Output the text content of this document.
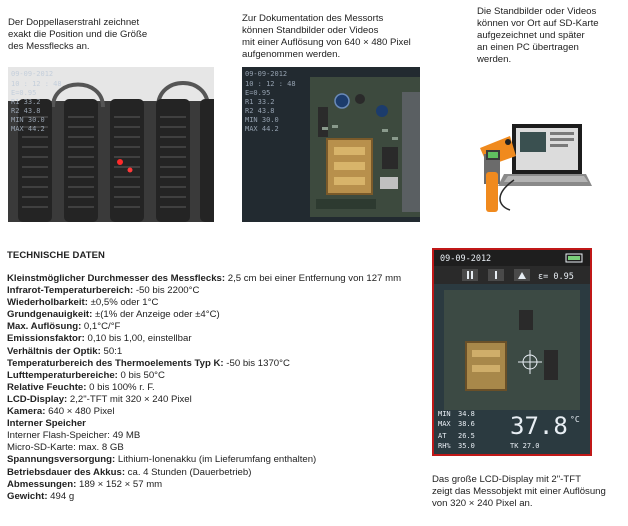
Der Doppellaserstrahl zeichnet
exakt die Position und die Größe
des Messflecks an.
Zur Dokumentation des Messorts
können Standbilder oder Videos
mit einer Auflösung von 640 × 480 Pixel
aufgenommen werden.
Die Standbilder oder Videos
können vor Ort auf SD-Karte
aufgezeichnet und später
an einen PC übertragen
werden.
09-09-2012
10 : 12 : 48
E=0.95
R1 33.2
R2 43.8
MIN 30.0
MAX 44.2
09-09-2012
10 : 12 : 48
E=0.95
R1 33.2
R2 43.8
MIN 30.0
MAX 44.2
TECHNISCHE DATEN
Kleinstmöglicher Durchmesser des Messflecks: 2,5 cm bei einer Entfernung von 127 mm
Infrarot-Temperaturbereich: -50 bis 2200°C
Wiederholbarkeit: ±0,5% oder 1°C
Grundgenauigkeit: ±(1% der Anzeige oder ±4°C)
Max. Auflösung: 0,1°C/°F
Emissionsfaktor: 0,10 bis 1,00, einstellbar
Verhältnis der Optik: 50:1
Temperaturbereich des Thermoelements Typ K: -50 bis 1370°C
Lufttemperaturbereiche: 0 bis 50°C
Relative Feuchte: 0 bis 100% r. F.
LCD-Display: 2,2"-TFT mit 320 × 240 Pixel
Kamera: 640 × 480 Pixel
Interner Speicher
Interner Flash-Speicher: 49 MB
Micro-SD-Karte: max. 8 GB
Spannungsversorgung: Lithium-Ionenakku (im Lieferumfang enthalten)
Betriebsdauer des Akkus: ca. 4 Stunden (Dauerbetrieb)
Abmessungen: 189 × 152 × 57 mm
Gewicht: 494 g
09-09-2012
ε= 0.95
MIN 34.8
MAX 38.6
AT 26.5
RH% 35.0	TK 27.0
37.8 °C
Das große LCD-Display mit 2"-TFT
zeigt das Messobjekt mit einer Auflösung
von 320 × 240 Pixel an.
